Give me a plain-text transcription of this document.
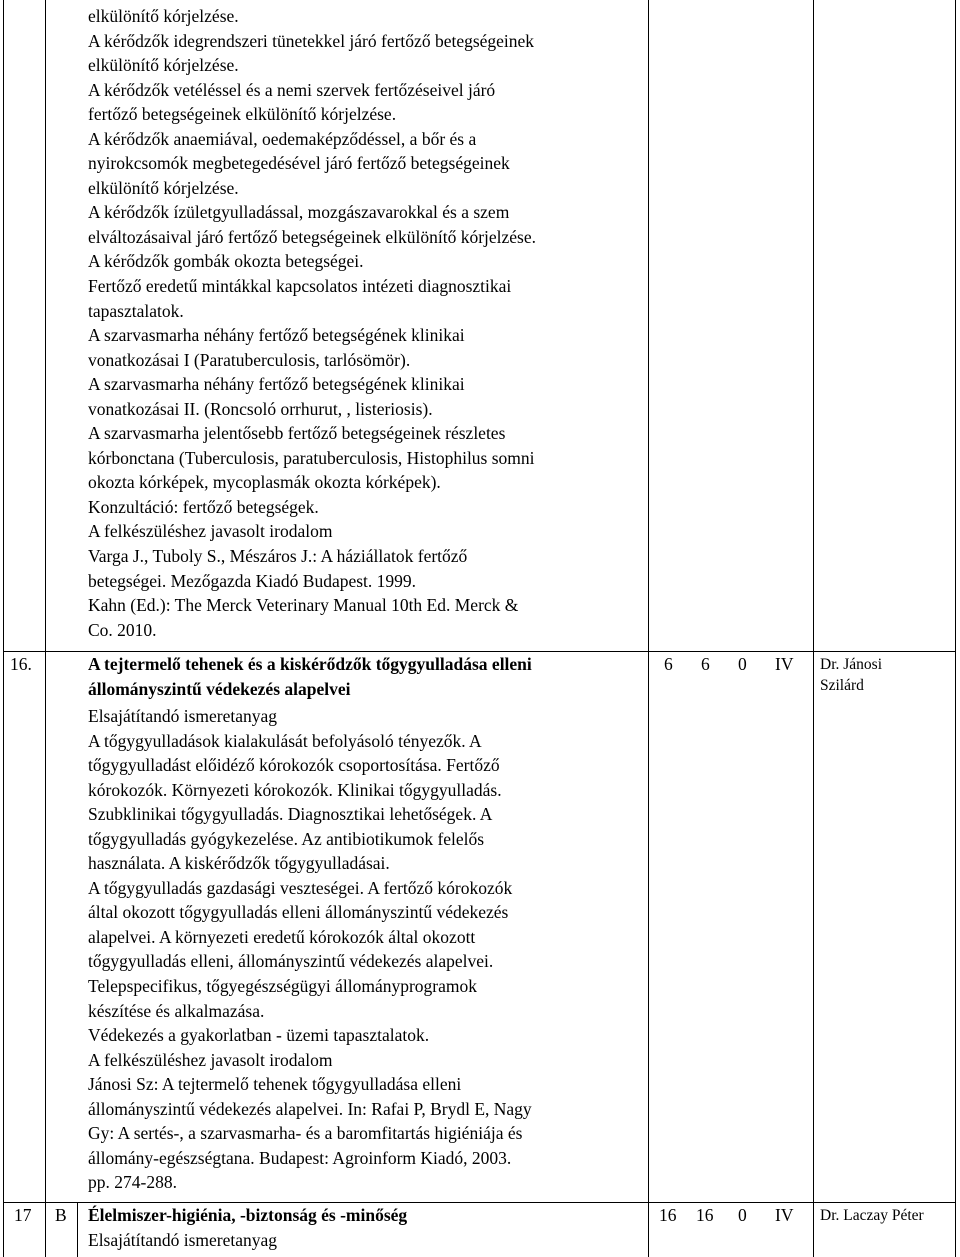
elkülönítő kórjelzése.
A kérődzők idegrendszeri tünetekkel járó fertőző betegségeinek
elkülönítő kórjelzése.
A kérődzők vetéléssel és a nemi szervek fertőzéseivel járó
fertőző betegségeinek elkülönítő kórjelzése.
A kérődzők anaemiával, oedemaképződéssel, a bőr és a
nyirokcsomók megbetegedésével járó fertőző betegségeinek
elkülönítő kórjelzése.
A kérődzők ízületgyulladással, mozgászavarokkal és a szem
elváltozásaival járó fertőző betegségeinek elkülönítő kórjelzése.
A kérődzők gombák okozta betegségei.
Fertőző eredetű mintákkal kapcsolatos intézeti diagnosztikai
tapasztalatok.
A szarvasmarha néhány fertőző betegségének klinikai
vonatkozásai I (Paratuberculosis, tarlósömör).
A szarvasmarha néhány fertőző betegségének klinikai
vonatkozásai II. (Roncsoló orrhurut, , listeriosis).
A szarvasmarha jelentősebb fertőző betegségeinek részletes
kórbonctana (Tuberculosis, paratuberculosis, Histophilus somni
okozta kórképek, mycoplasmák okozta kórképek).
Konzultáció: fertőző betegségek.
A felkészüléshez javasolt irodalom
Varga J., Tuboly S., Mészáros J.: A háziállatok fertőző
betegségei. Mezőgazda Kiadó Budapest. 1999.
Kahn (Ed.): The Merck Veterinary Manual 10th Ed. Merck &
Co. 2010.
16.	A tejtermelő tehenek és a kiskérődzők tőgygyulladása elleni
állományszintű védekezés alapelvei
6 6 0 IV Dr. Jánosi
Szilárd
Elsajátítandó ismeretanyag
A tőgygyulladások kialakulását befolyásoló tényezők. A
tőgygyulladást előidéző kórokozók csoportosítása. Fertőző
kórokozók. Környezeti kórokozók. Klinikai tőgygyulladás.
Szubklinikai tőgygyulladás. Diagnosztikai lehetőségek. A
tőgygyulladás gyógykezelése. Az antibiotikumok felelős
használata. A kiskérődzők tőgygyulladásai.
A tőgygyulladás gazdasági veszteségei. A fertőző kórokozók
által okozott tőgygyulladás elleni állományszintű védekezés
alapelvei. A környezeti eredetű kórokozók által okozott
tőgygyulladás elleni, állományszintű védekezés alapelvei.
Telepspecifikus, tőgyegészségügyi állományprogramok
készítése és alkalmazása.
Védekezés a gyakorlatban - üzemi tapasztalatok.
A felkészüléshez javasolt irodalom
Jánosi Sz: A tejtermelő tehenek tőgygyulladása elleni
állományszintű védekezés alapelvei. In: Rafai P, Brydl E, Nagy
Gy: A sertés-, a szarvasmarha- és a baromfitartás higiéniája és
állomány-egészségtana. Budapest: Agroinform Kiadó, 2003.
pp. 274-288.
17 B Élelmiszer-higiénia, -biztonság és -minőség	16 16 0 IV Dr. Laczay Péter
Elsajátítandó ismeretanyag
